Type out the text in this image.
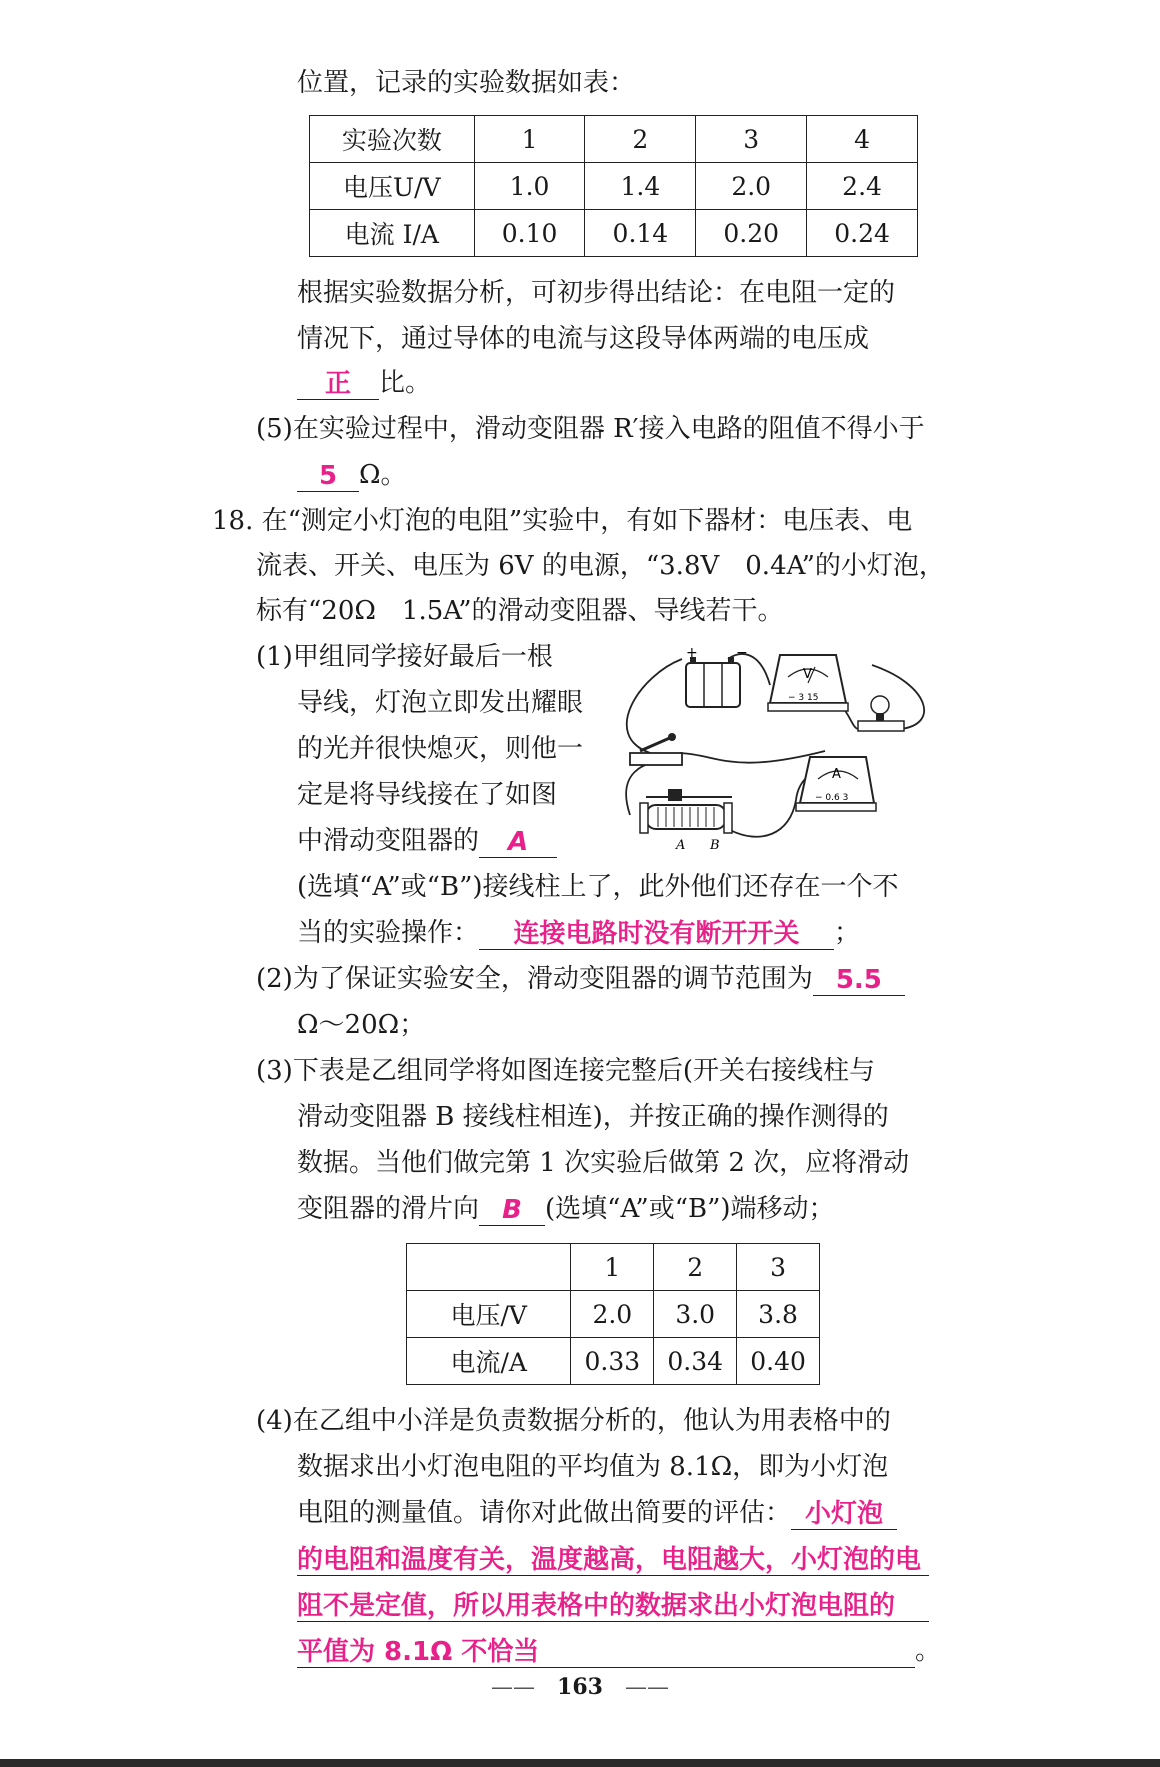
位置，记录的实验数据如表：
实验次数	1	2	3	4
电压U/V	1.0	1.4	2.0	2.4
电流 I/A	0.10	0.14	0.20	0.24
根据实验数据分析，可初步得出结论：在电阻一定的
情况下，通过导体的电流与这段导体两端的电压成
正 比。
(5)在实验过程中，滑动变阻器 R′接入电路的阻值不得小于
5 Ω。
18. 在“测定小灯泡的电阻”实验中，有如下器材：电压表、电
流表、开关、电压为 6V 的电源，“3.8V　0.4A”的小灯泡，
标有“20Ω　1.5A”的滑动变阻器、导线若干。
(1)甲组同学接好最后一根
导线，灯泡立即发出耀眼
的光并很快熄灭，则他一
定是将导线接在了如图
中滑动变阻器的 A
(选填“A”或“B”)接线柱上了，此外他们还存在一个不
当的实验操作： 连接电路时没有断开开关 ；
+	−
V
− 3 15
A
− 0.6 3
A B
(2)为了保证实验安全，滑动变阻器的调节范围为 5.5
Ω～20Ω；
(3)下表是乙组同学将如图连接完整后(开关右接线柱与
滑动变阻器 B 接线柱相连)，并按正确的操作测得的
数据。当他们做完第 1 次实验后做第 2 次，应将滑动
变阻器的滑片向 B (选填“A”或“B”)端移动；
	1	2	3
电压/V	2.0	3.0	3.8
电流/A	0.33	0.34	0.40
(4)在乙组中小洋是负责数据分析的，他认为用表格中的
数据求出小灯泡电阻的平均值为 8.1Ω，即为小灯泡
电阻的测量值。请你对此做出简要的评估： 小灯泡
的电阻和温度有关，温度越高，电阻越大，小灯泡的电
阻不是定值，所以用表格中的数据求出小灯泡电阻的
平值为 8.1Ω 不恰当	。
——　163　——
